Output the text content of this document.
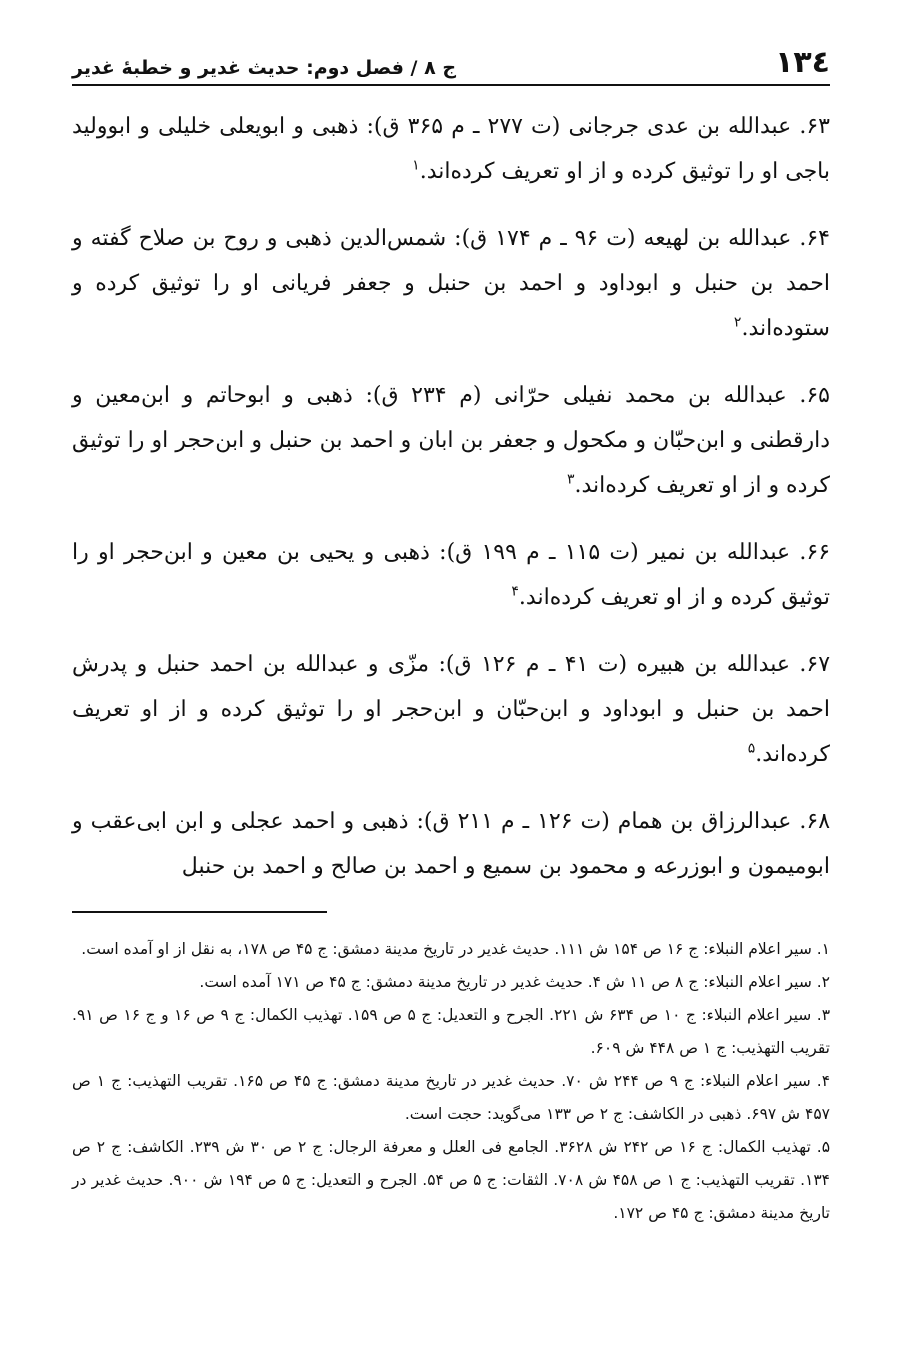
١٣٤
ج ٨ / فصل دوم: حدیث غدیر و خطبۀ غدیر

۶۳. عبدالله بن عدی جرجانی (ت ۲۷۷ ـ م ۳۶۵ ق): ذهبی و ابویعلی خلیلی و ابوولید باجی او را توثیق کرده و از او تعریف کرده‌اند.$^١$

۶۴. عبدالله بن لهیعه (ت ۹۶ ـ م ۱۷۴ ق): شمس‌الدین ذهبی و روح بن صلاح گفته و احمد بن حنبل و ابوداود و احمد بن حنبل و جعفر فریانی او را توثیق کرده و ستوده‌اند.$^٢$

۶۵. عبدالله بن محمد نفیلی حرّانی (م ۲۳۴ ق): ذهبی و ابوحاتم و ابن‌معین و دارقطنی و ابن‌حبّان و مکحول و جعفر بن ابان و احمد بن حنبل و ابن‌حجر او را توثیق کرده و از او تعریف کرده‌اند.$^٣$

۶۶. عبدالله بن نمیر (ت ۱۱۵ ـ م ۱۹۹ ق): ذهبی و یحیی بن معین و ابن‌حجر او را توثیق کرده و از او تعریف کرده‌اند.$^۴$

۶۷. عبدالله بن هبیره (ت ۴۱ ـ م ۱۲۶ ق): مزّی و عبدالله بن احمد حنبل و پدرش احمد بن حنبل و ابوداود و ابن‌حبّان و ابن‌حجر او را توثیق کرده و از او تعریف کرده‌اند.$^۵$

۶۸. عبدالرزاق بن همام (ت ۱۲۶ ـ م ۲۱۱ ق): ذهبی و احمد عجلی و ابن ابی‌عقب و ابومیمون و ابوزرعه و محمود بن سمیع و احمد بن صالح و احمد بن حنبل

۱. سیر اعلام النبلاء: ج ۱۶ ص ۱۵۴ ش ۱۱۱. حدیث غدیر در تاریخ مدینة دمشق: ج ۴۵ ص ۱۷۸، به نقل از او آمده است.

۲. سیر اعلام النبلاء: ج ۸ ص ۱۱ ش ۴. حدیث غدیر در تاریخ مدینة دمشق: ج ۴۵ ص ۱۷۱ آمده است.

۳. سیر اعلام النبلاء: ج ۱۰ ص ۶۳۴ ش ۲۲۱. الجرح و التعدیل: ج ۵ ص ۱۵۹. تهذیب الکمال: ج ۹ ص ۱۶ و ج ۱۶ ص ۹۱. تقریب التهذیب: ج ۱ ص ۴۴۸ ش ۶۰۹.

۴. سیر اعلام النبلاء: ج ۹ ص ۲۴۴ ش ۷۰. حدیث غدیر در تاریخ مدینة دمشق: ج ۴۵ ص ۱۶۵. تقریب التهذیب: ج ۱ ص ۴۵۷ ش ۶۹۷. ذهبی در الکاشف: ج ۲ ص ۱۳۳ می‌گوید: حجت است.

۵. تهذیب الکمال: ج ۱۶ ص ۲۴۲ ش ۳۶۲۸. الجامع فی العلل و معرفة الرجال: ج ۲ ص ۳۰ ش ۲۳۹. الکاشف: ج ۲ ص ۱۳۴. تقریب التهذیب: ج ۱ ص ۴۵۸ ش ۷۰۸. الثقات: ج ۵ ص ۵۴. الجرح و التعدیل: ج ۵ ص ۱۹۴ ش ۹۰۰. حدیث غدیر در تاریخ مدینة دمشق: ج ۴۵ ص ۱۷۲.
